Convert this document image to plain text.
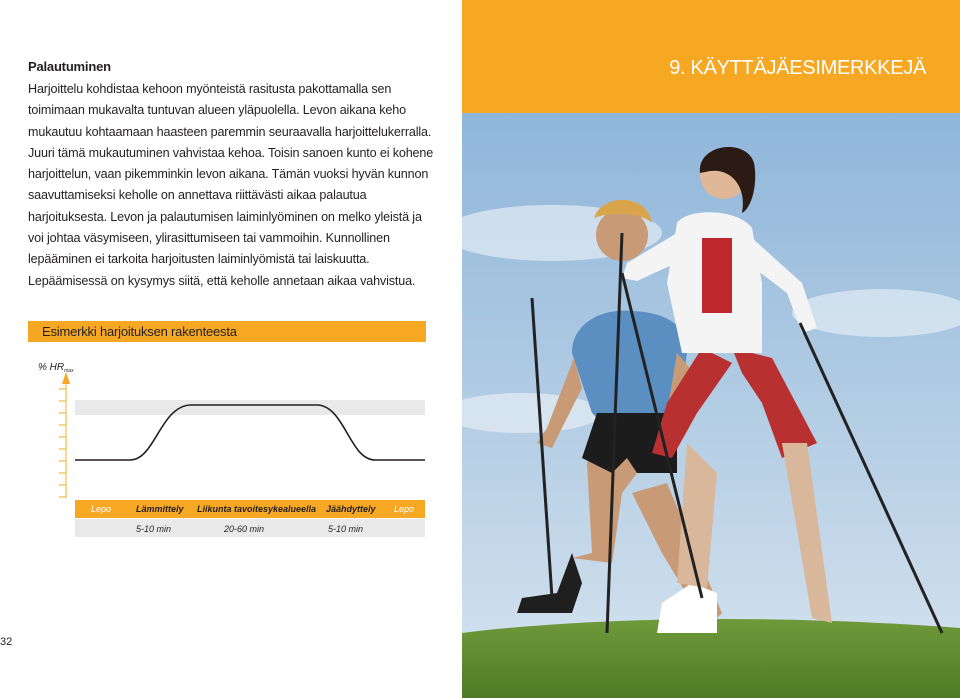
Palautuminen
Harjoittelu kohdistaa kehoon myönteistä rasitusta pakottamalla sen
toimimaan mukavalta tuntuvan alueen yläpuolella. Levon aikana keho
mukautuu kohtaamaan haasteen paremmin seuraavalla harjoittelukerralla.
Juuri tämä mukautuminen vahvistaa kehoa. Toisin sanoen kunto ei kohene
harjoittelun, vaan pikemminkin levon aikana. Tämän vuoksi hyvän kunnon
saavuttamiseksi keholle on annettava riittävästi aikaa palautua
harjoituksesta. Levon ja palautumisen laiminlyöminen on melko yleistä ja
voi johtaa väsymiseen, ylirasittumiseen tai vammoihin. Kunnollinen
lepääminen ei tarkoita harjoitusten laiminlyömistä tai laiskuutta.
Lepäämisessä on kysymys siitä, että keholle annetaan aikaa vahvistua.
Esimerkki harjoituksen rakenteesta
% $HR_{max}$
Lepo	Lämmittely Liikunta tavoitesykealueella Jäähdyttely Lepo
5-10 min	20-60 min	5-10 min
32
9. KÄYTTÄJÄESIMERKKEJÄ
